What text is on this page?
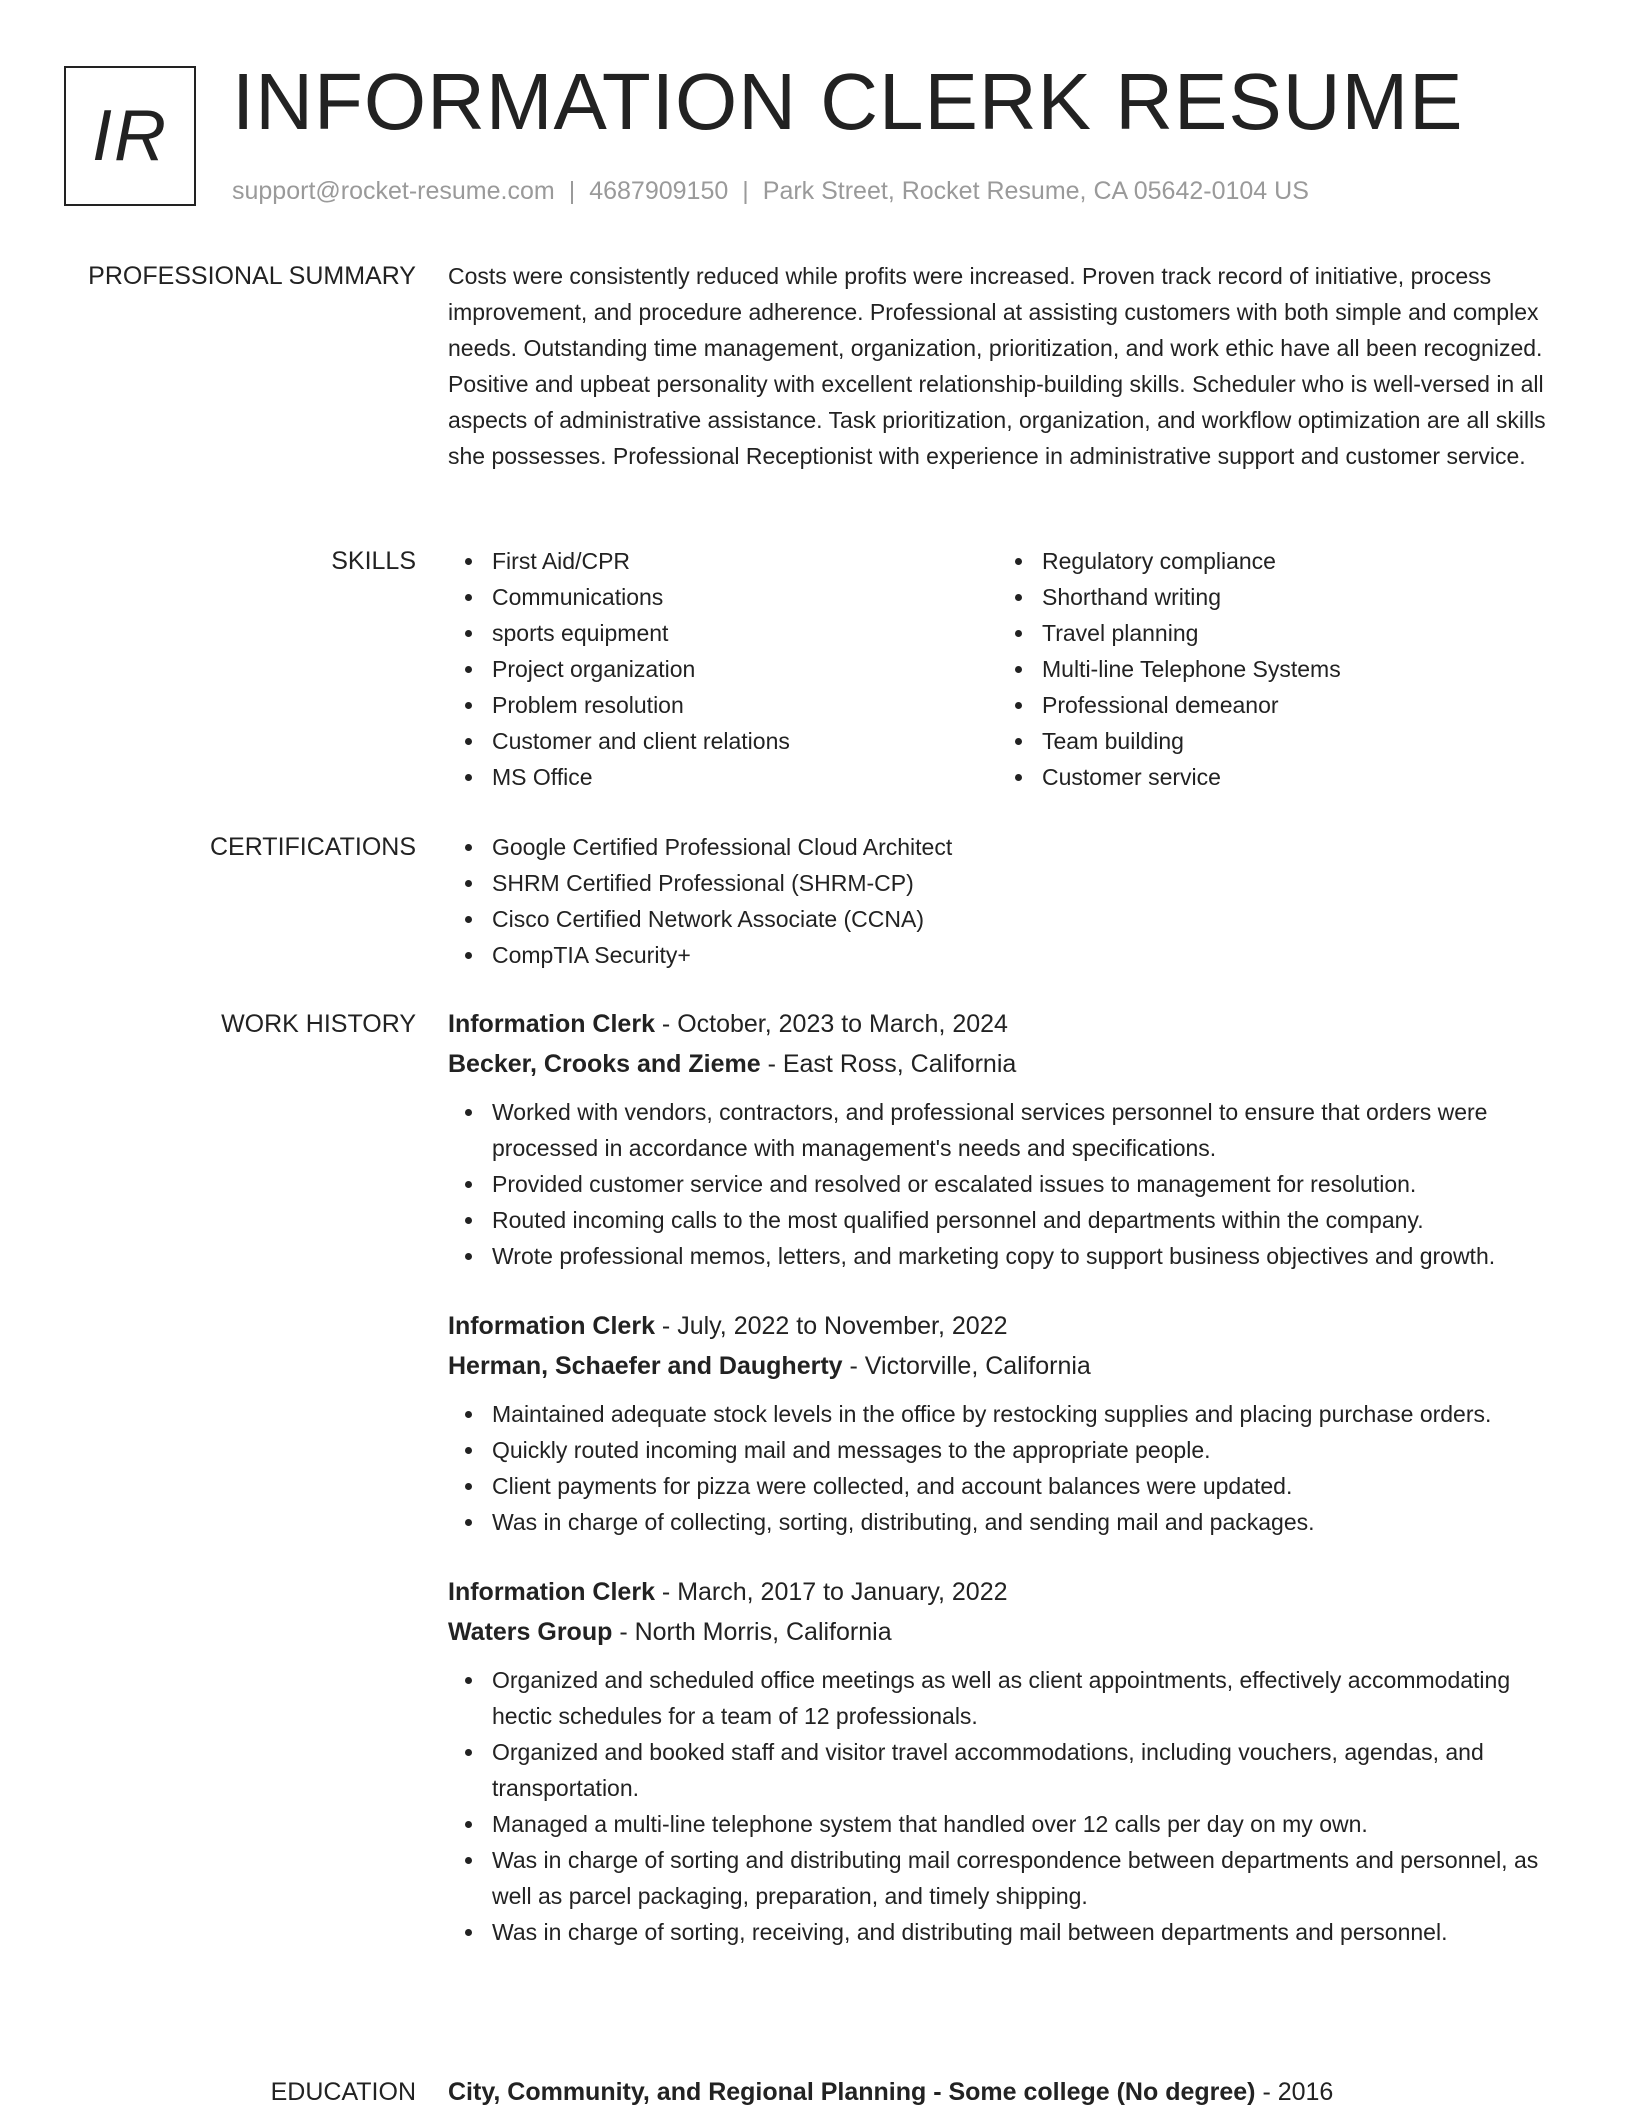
IR INFORMATION CLERK RESUME
support@rocket-resume.com | 4687909150 | Park Street, Rocket Resume, CA 05642-0104 US
PROFESSIONAL SUMMARY Costs were consistently reduced while profits were increased. Proven track record of initiative, process improvement, and procedure adherence. Professional at assisting customers with both simple and complex needs. Outstanding time management, organization, prioritization, and work ethic have all been recognized. Positive and upbeat personality with excellent relationship-building skills. Scheduler who is well-versed in all aspects of administrative assistance. Task prioritization, organization, and workflow optimization are all skills she possesses. Professional Receptionist with experience in administrative support and customer service.

SKILLS	First Aid/CPR
Communications
sports equipment
Project organization
Problem resolution
Customer and client relations
MS Office
Regulatory compliance
Shorthand writing
Travel planning
Multi-line Telephone Systems
Professional demeanor
Team building
Customer service
CERTIFICATIONS	Google Certified Professional Cloud Architect
SHRM Certified Professional (SHRM-CP)
Cisco Certified Network Associate (CCNA)
CompTIA Security+
WORK HISTORY Information Clerk - October, 2023 to March, 2024
Becker, Crooks and Zieme - East Ross, California
Worked with vendors, contractors, and professional services personnel to ensure that orders were processed in accordance with management's needs and specifications.
Provided customer service and resolved or escalated issues to management for resolution.
Routed incoming calls to the most qualified personnel and departments within the company.
Wrote professional memos, letters, and marketing copy to support business objectives and growth.
Information Clerk - July, 2022 to November, 2022
Herman, Schaefer and Daugherty - Victorville, California
Maintained adequate stock levels in the office by restocking supplies and placing purchase orders.
Quickly routed incoming mail and messages to the appropriate people.
Client payments for pizza were collected, and account balances were updated.
Was in charge of collecting, sorting, distributing, and sending mail and packages.
Information Clerk - March, 2017 to January, 2022
Waters Group - North Morris, California
Organized and scheduled office meetings as well as client appointments, effectively accommodating hectic schedules for a team of 12 professionals.
Organized and booked staff and visitor travel accommodations, including vouchers, agendas, and transportation.
Managed a multi-line telephone system that handled over 12 calls per day on my own.
Was in charge of sorting and distributing mail correspondence between departments and personnel, as well as parcel packaging, preparation, and timely shipping.
Was in charge of sorting, receiving, and distributing mail between departments and personnel.
EDUCATION City, Community, and Regional Planning - Some college (No degree) - 2016
